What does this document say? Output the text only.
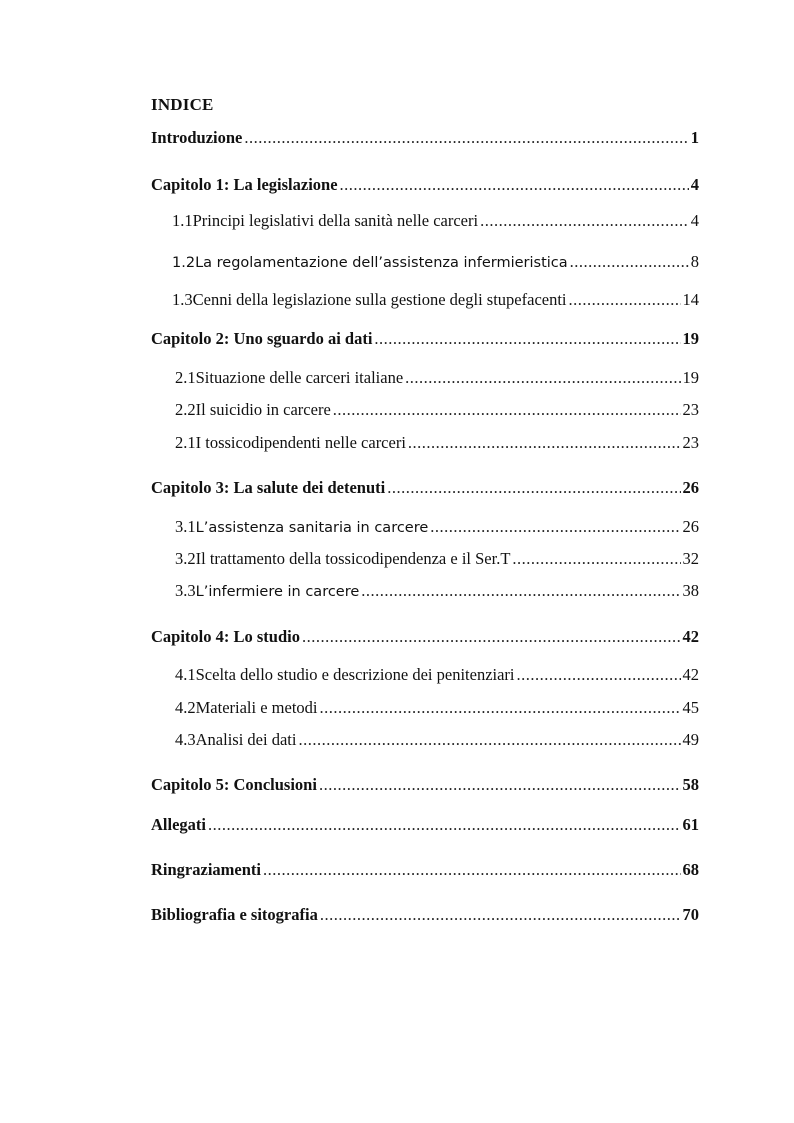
INDICE
Introduzione .....	1
Capitolo 1: La legislazione .....	4
1.1 Principi legislativi della sanità nelle carceri .....	4
1.2 La regolamentazione dell’assistenza infermieristica .....	8
1.3 Cenni della legislazione sulla gestione degli stupefacenti .....	14
Capitolo 2: Uno sguardo ai dati .....	19
2.1 Situazione delle carceri italiane .....	19
2.2 Il suicidio in carcere .....	23
2.1 I tossicodipendenti nelle carceri .....	23
Capitolo 3: La salute dei detenuti .....	26
3.1 L’assistenza sanitaria in carcere .....	26
3.2 Il trattamento della tossicodipendenza e il Ser.T .....	32
3.3 L’infermiere in carcere .....	38
Capitolo 4: Lo studio .....	42
4.1 Scelta dello studio e descrizione dei penitenziari .....	42
4.2 Materiali e metodi .....	45
4.3 Analisi dei dati .....	49
Capitolo 5: Conclusioni .....	58
Allegati .....	61
Ringraziamenti .....	68
Bibliografia e sitografia .....	70
